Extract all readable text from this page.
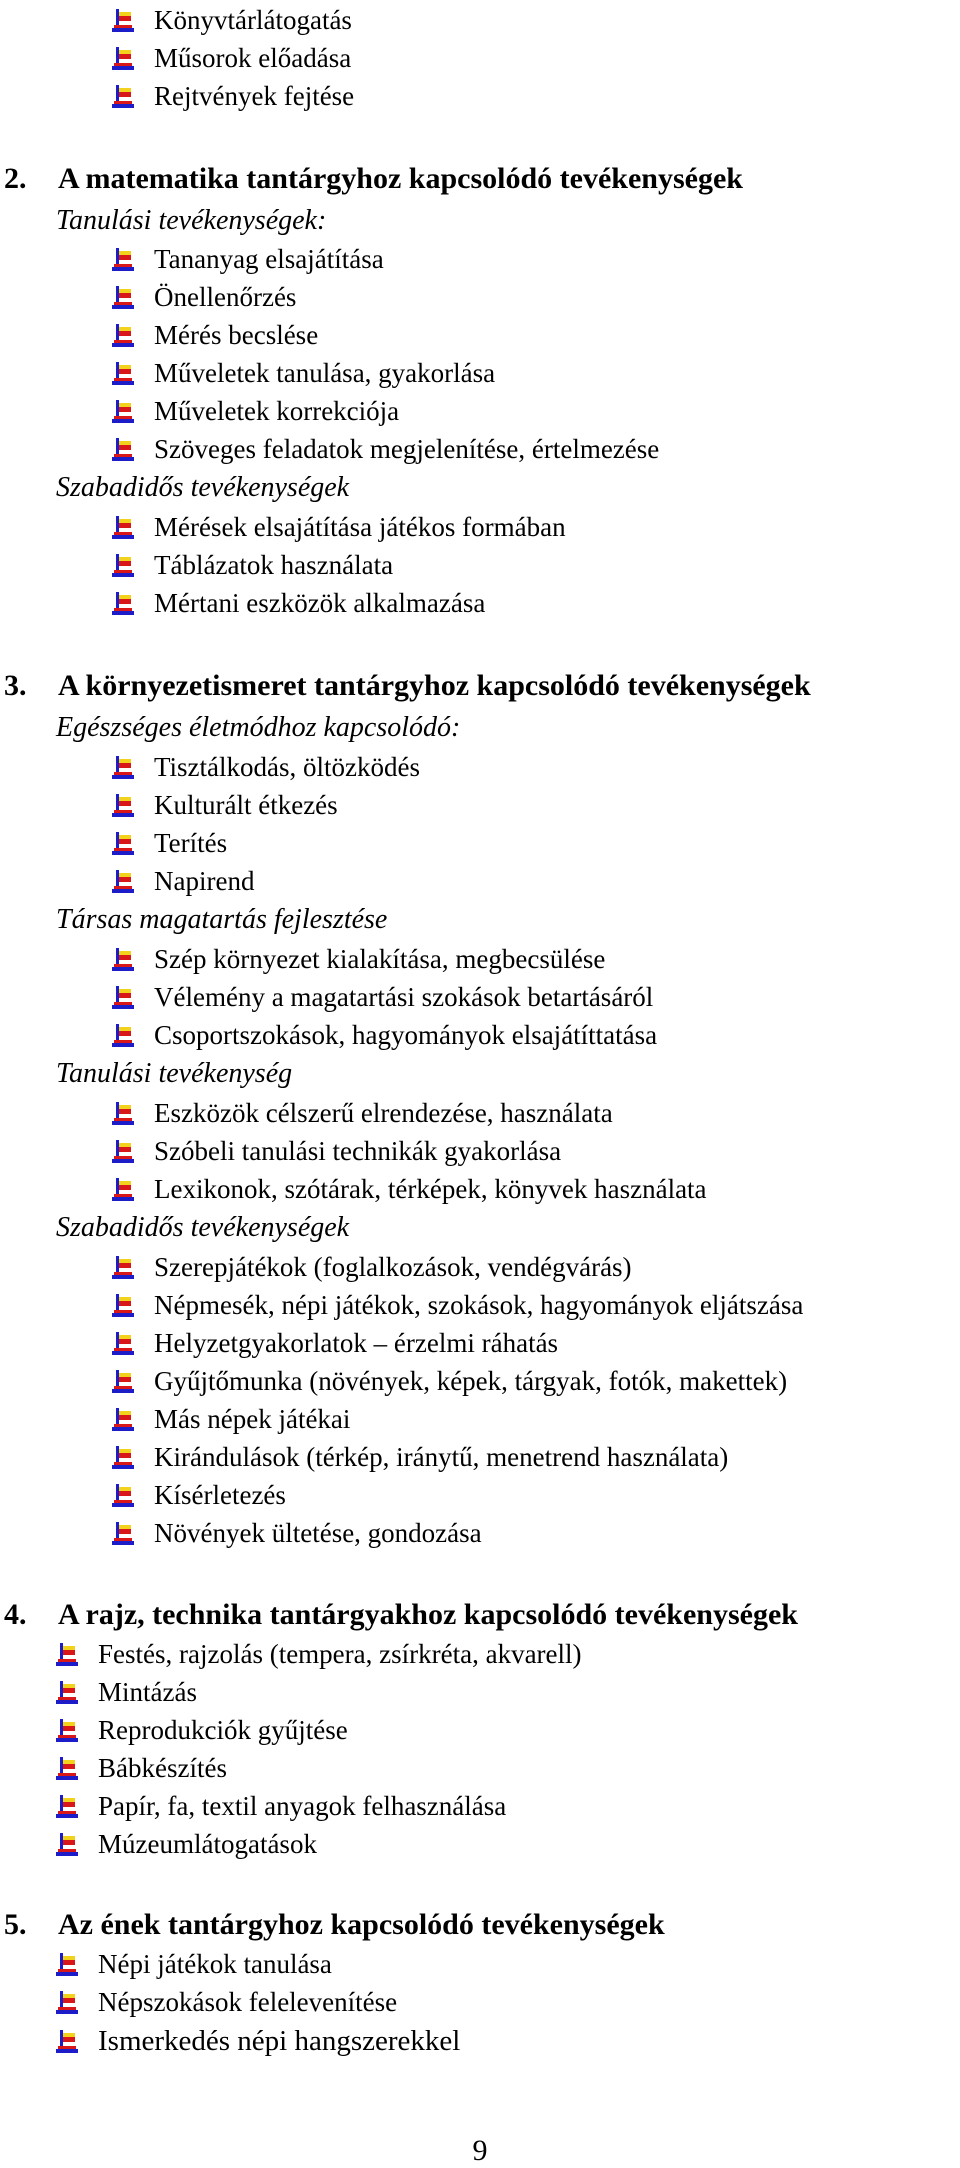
Könyvtárlátogatás
Műsorok előadása
Rejtvények fejtése
2. A matematika tantárgyhoz kapcsolódó tevékenységek
Tanulási tevékenységek:
Tananyag elsajátítása
Önellenőrzés
Mérés becslése
Műveletek tanulása, gyakorlása
Műveletek korrekciója
Szöveges feladatok megjelenítése, értelmezése
Szabadidős tevékenységek
Mérések elsajátítása játékos formában
Táblázatok használata
Mértani eszközök alkalmazása
3. A környezetismeret tantárgyhoz kapcsolódó tevékenységek
Egészséges életmódhoz kapcsolódó:
Tisztálkodás, öltözködés
Kulturált étkezés
Terítés
Napirend
Társas magatartás fejlesztése
Szép környezet kialakítása, megbecsülése
Vélemény a magatartási szokások betartásáról
Csoportszokások, hagyományok elsajátíttatása
Tanulási tevékenység
Eszközök célszerű elrendezése, használata
Szóbeli tanulási technikák gyakorlása
Lexikonok, szótárak, térképek, könyvek használata
Szabadidős tevékenységek
Szerepjátékok (foglalkozások, vendégvárás)
Népmesék, népi játékok, szokások, hagyományok eljátszása
Helyzetgyakorlatok – érzelmi ráhatás
Gyűjtőmunka (növények, képek, tárgyak, fotók, makettek)
Más népek játékai
Kirándulások (térkép, iránytű, menetrend használata)
Kísérletezés
Növények ültetése, gondozása
4. A rajz, technika tantárgyakhoz kapcsolódó tevékenységek
Festés, rajzolás (tempera, zsírkréta, akvarell)
Mintázás
Reprodukciók gyűjtése
Bábkészítés
Papír, fa, textil anyagok felhasználása
Múzeumlátogatások
5. Az ének tantárgyhoz kapcsolódó tevékenységek
Népi játékok tanulása
Népszokások felelevenítése
Ismerkedés népi hangszerekkel
9
